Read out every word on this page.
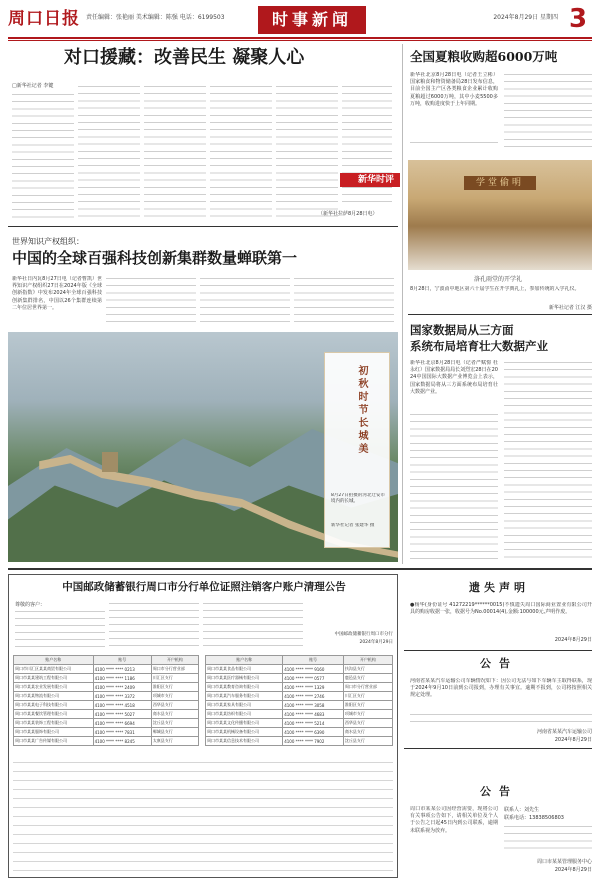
周口日报 责任编辑：张艳丽 美术编辑：陈强 电话：6199503	时事新闻	2024年8月29日 星期四 3
对口援藏：改善民生 凝聚人心
□新华社记者 李键
（新华社拉萨8月28日电）
世界知识产权组织：
中国的全球百强科技创新集群数量蝉联第一
新华社日内瓦8月27日电（记者曹凯）世界知识产权组织27日在2024年版《全球创新指数》中发布2024年全球百强科技创新集群排名，中国以26个集群连续第二年位居世界第一。
初秋时节长城美
8月27日拍摄的河北迁安市境内的长城。
新华社记者 张建华 摄
全国夏粮收购超6000万吨
新华社北京8月28日电（记者王立彬）国家粮食和物资储备局28日发布信息，目前全国主产区各类粮食企业累计收购夏粮超过6000万吨，其中小麦5500多万吨，收购进度快于上年同期。
新华时评	学堂偷明
洛孔雨堂的开学礼
8月28日，宁波甬中地区第六十届学生在开学典礼上，参加传统的入学礼仪。
新华社记者 江汉 摄
国家数据局从三方面
系统布局培育壮大数据产业
新华社北京8月28日电（记者严赋憬 杜永红）国家数据局局长刘烈宏28日在2024中国国际大数据产业博览会上表示，国家数据局将从三方面系统布局培育壮大数据产业。
中国邮政储蓄银行周口市分行单位证照注销客户账户清理公告
尊敬的客户：
中国邮政储蓄银行周口市分行
2024年8月29日
账户名称	账号	开户机构
周口市川汇区某某商贸有限公司	4100 **** **** 0213	周口市分行营业部
周口市某某建筑工程有限公司	4100 **** **** 1186	川汇区支行
周口市某某农业发展有限公司	4100 **** **** 2409	淮阳区支行
周口市某某物流有限公司	4100 **** **** 3372	项城市支行
周口市某某电子科技有限公司	4100 **** **** 4518	西华县支行
周口市某某餐饮管理有限公司	4100 **** **** 5027	商水县支行
周口市某某装饰工程有限公司	4100 **** **** 6694	沈丘县支行
周口市某某服饰有限公司	4100 **** **** 7831	郸城县支行
周口市某某广告传媒有限公司	4100 **** **** 8245	太康县支行
账户名称	账号	开户机构
周口市某某食品有限公司	4100 **** **** 9160	扶沟县支行
周口市某某医疗器械有限公司	4100 **** **** 0577	鹿邑县支行
周口市某某教育咨询有限公司	4100 **** **** 1329	周口市分行营业部
周口市某某汽车服务有限公司	4100 **** **** 2746	川汇区支行
周口市某某家具有限公司	4100 **** **** 3058	淮阳区支行
周口市某某纺织有限公司	4100 **** **** 4683	项城市支行
周口市某某文化传播有限公司	4100 **** **** 5214	西华县支行
周口市某某机械设备有限公司	4100 **** **** 6390	商水县支行
周口市某某信息技术有限公司	4100 **** **** 7902	沈丘县支行
遗失声明
●杨华(身份证号 41272219******0015)不慎遗失周口国际商业置业有限公司开具的购房收据一张，收据号为No.00014(4),金额:100000元,声明作废。
2024年8月29日
公告
河南省某某汽车运输公司车辆情况如下：因公司无法与如下车辆车主取得联系，现于2024年9月10日前到公司报到，办理有关事宜。逾期不报到，公司将按照相关规定处理。
河南省某某汽车运输公司
2024年8月29日
公告
周口市某某公司因经营需要，现将公司有关事项公告如下，请相关单位及个人于公告之日起45日内到公司联系，逾期未联系视为放弃。
联系人：刘先生
联系电话：13838506803
周口市某某管理服务中心
2024年8月29日
